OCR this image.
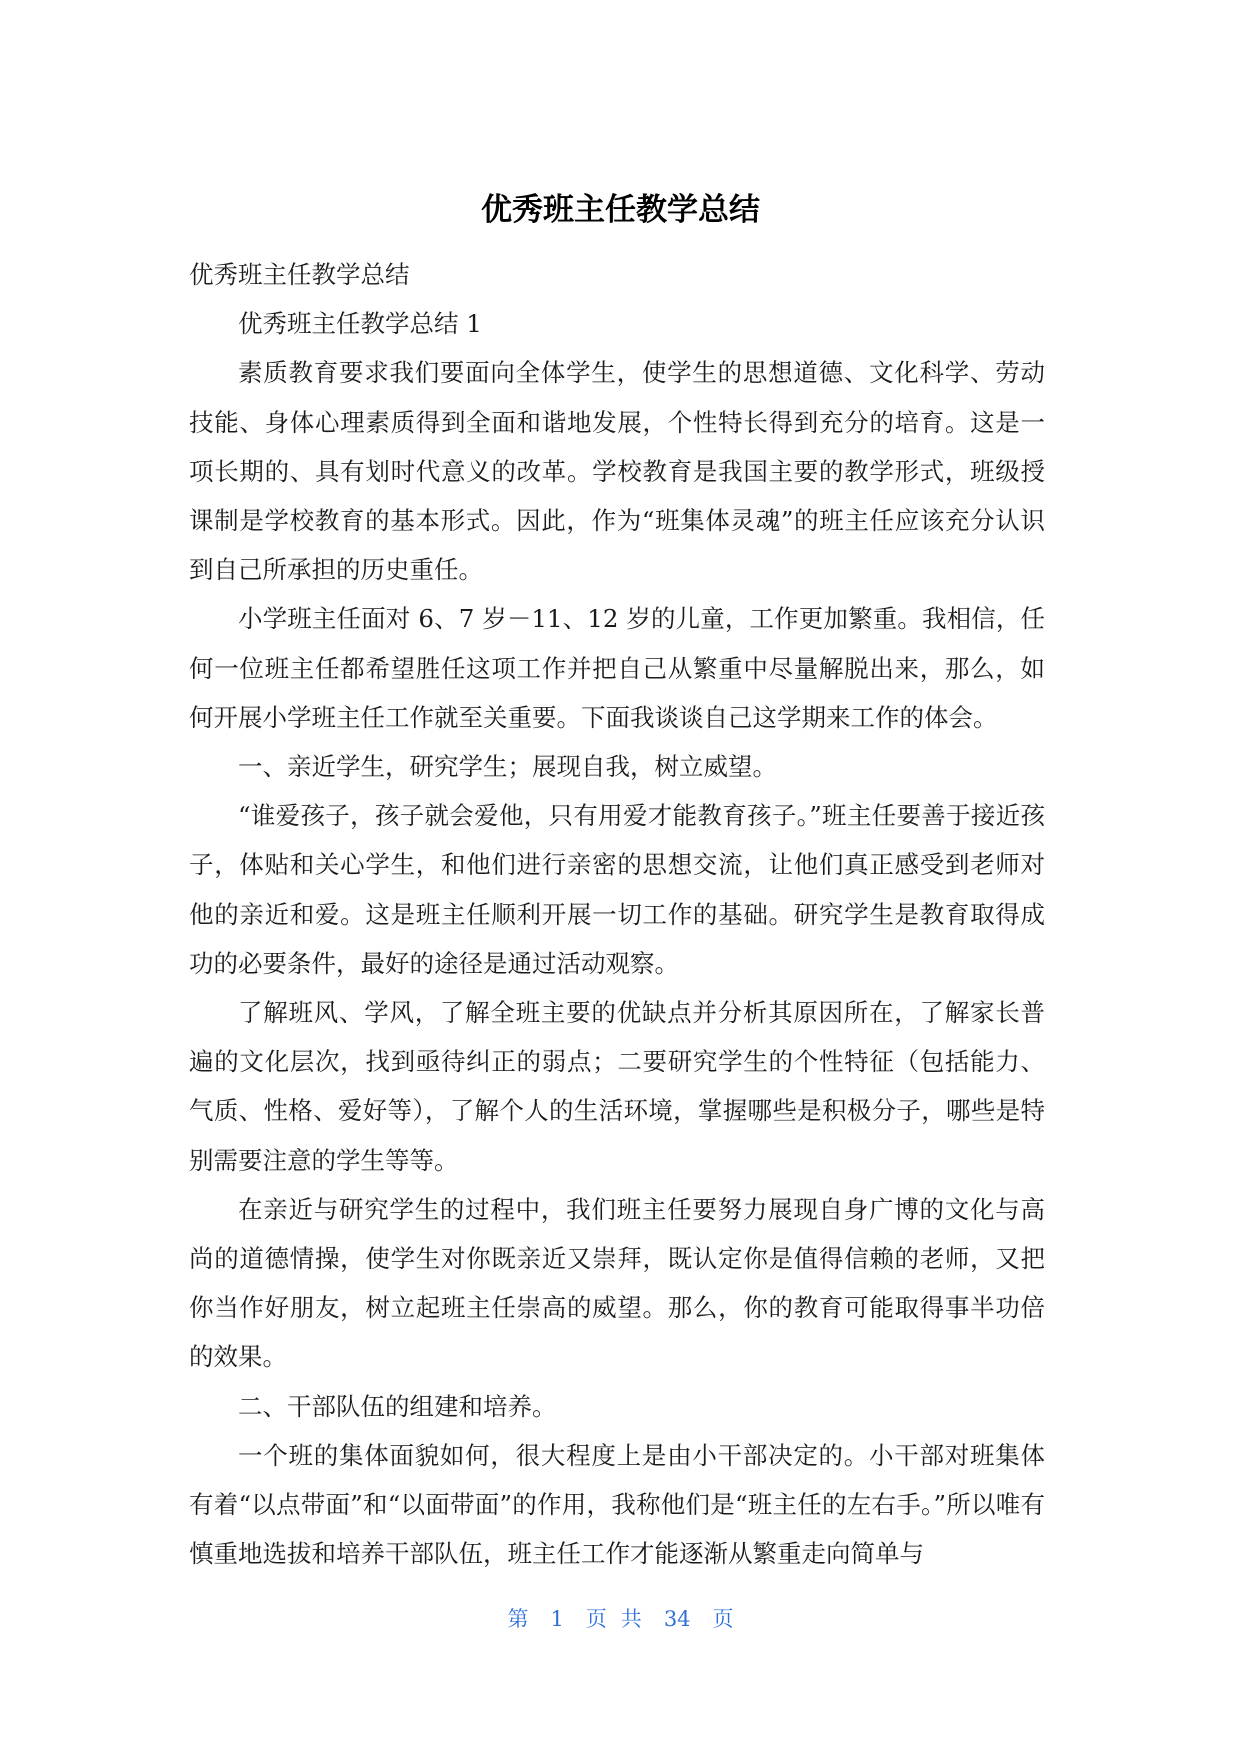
优秀班主任教学总结

优秀班主任教学总结

优秀班主任教学总结 1

素质教育要求我们要面向全体学生，使学生的思想道德、文化科学、劳动技能、身体心理素质得到全面和谐地发展，个性特长得到充分的培育。这是一项长期的、具有划时代意义的改革。学校教育是我国主要的教学形式，班级授课制是学校教育的基本形式。因此，作为“班集体灵魂”的班主任应该充分认识到自己所承担的历史重任。

小学班主任面对 6、7 岁－11、12 岁的儿童，工作更加繁重。我相信，任何一位班主任都希望胜任这项工作并把自己从繁重中尽量解脱出来，那么，如何开展小学班主任工作就至关重要。下面我谈谈自己这学期来工作的体会。

一、亲近学生，研究学生；展现自我，树立威望。

“谁爱孩子，孩子就会爱他，只有用爱才能教育孩子。”班主任要善于接近孩子，体贴和关心学生，和他们进行亲密的思想交流，让他们真正感受到老师对他的亲近和爱。这是班主任顺利开展一切工作的基础。研究学生是教育取得成功的必要条件，最好的途径是通过活动观察。

了解班风、学风，了解全班主要的优缺点并分析其原因所在，了解家长普遍的文化层次，找到亟待纠正的弱点；二要研究学生的个性特征（包括能力、气质、性格、爱好等），了解个人的生活环境，掌握哪些是积极分子，哪些是特别需要注意的学生等等。

在亲近与研究学生的过程中，我们班主任要努力展现自身广博的文化与高尚的道德情操，使学生对你既亲近又崇拜，既认定你是值得信赖的老师，又把你当作好朋友，树立起班主任崇高的威望。那么，你的教育可能取得事半功倍的效果。

二、干部队伍的组建和培养。

一个班的集体面貌如何，很大程度上是由小干部决定的。小干部对班集体有着“以点带面”和“以面带面”的作用，我称他们是“班主任的左右手。”所以唯有慎重地选拔和培养干部队伍，班主任工作才能逐渐从繁重走向简单与

第 1 页共 34 页
